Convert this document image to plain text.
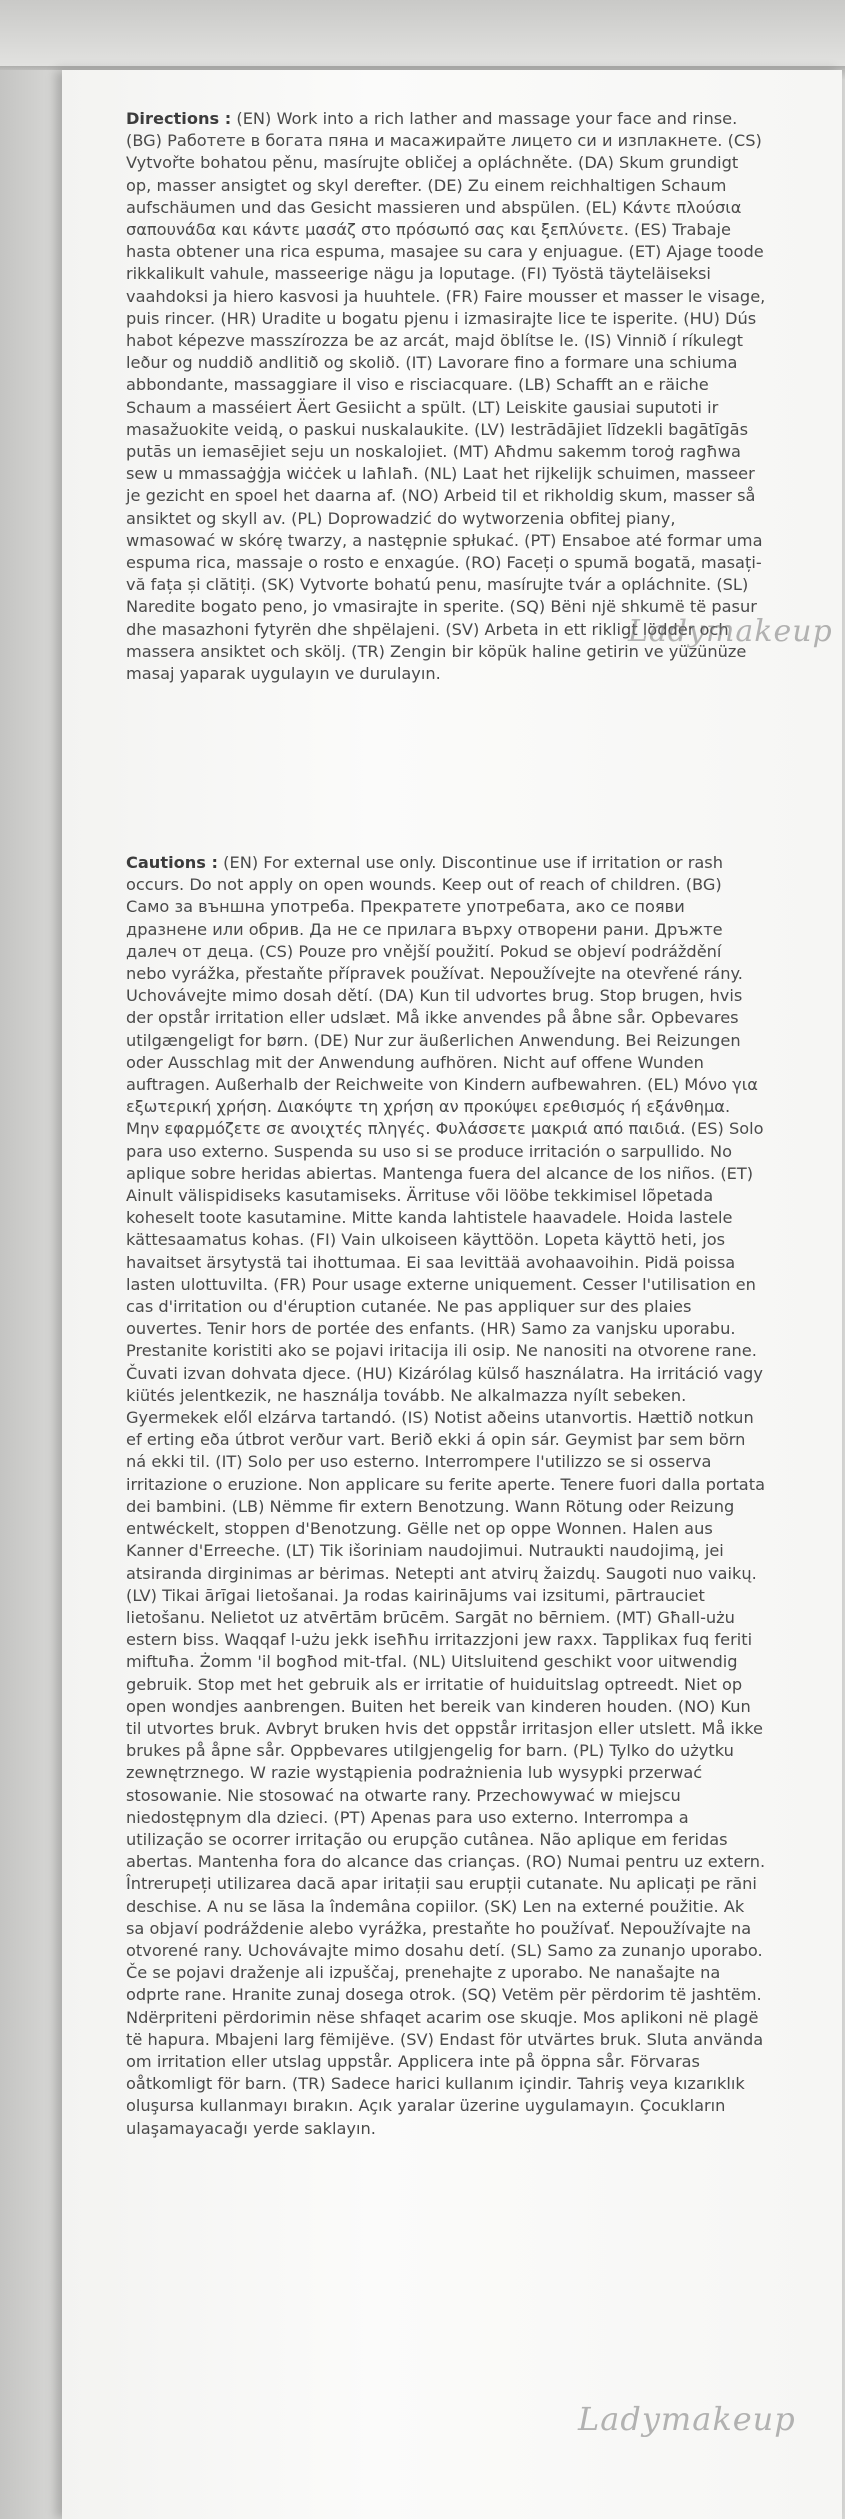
Directions : (EN) Work into a rich lather and massage your face and rinse. (BG) Работете в богата пяна и масажирайте лицето си и изплакнете. (CS) Vytvořte bohatou pěnu, masírujte obličej a opláchněte. (DA) Skum grundigt op, masser ansigtet og skyl derefter. (DE) Zu einem reichhaltigen Schaum aufschäumen und das Gesicht massieren und abspülen. (EL) Κάντε πλούσια σαπουνάδα και κάντε μασάζ στο πρόσωπό σας και ξεπλύνετε. (ES) Trabaje hasta obtener una rica espuma, masajee su cara y enjuague. (ET) Ajage toode rikkalikult vahule, masseerige nägu ja loputage. (FI) Työstä täyteläiseksi vaahdoksi ja hiero kasvosi ja huuhtele. (FR) Faire mousser et masser le visage, puis rincer. (HR) Uradite u bogatu pjenu i izmasirajte lice te isperite. (HU) Dús habot képezve masszírozza be az arcát, majd öblítse le. (IS) Vinnið í ríkulegt leður og nuddið andlitið og skolið. (IT) Lavorare fino a formare una schiuma abbondante, massaggiare il viso e risciacquare. (LB) Schafft an e räiche Schaum a masséiert Äert Gesiicht a spült. (LT) Leiskite gausiai suputoti ir masažuokite veidą, o paskui nuskalaukite. (LV) Iestrādājiet līdzekli bagātīgās putās un iemasējiet seju un noskalojiet. (MT) Aħdmu sakemm toroġ ragħwa sew u mmassaġġja wiċċek u laħlaħ. (NL) Laat het rijkelijk schuimen, masseer je gezicht en spoel het daarna af. (NO) Arbeid til et rikholdig skum, masser så ansiktet og skyll av. (PL) Doprowadzić do wytworzenia obfitej piany, wmasować w skórę twarzy, a następnie spłukać. (PT) Ensaboe até formar uma espuma rica, massaje o rosto e enxagúe. (RO) Faceți o spumă bogată, masați-vă fața și clătiți. (SK) Vytvorte bohatú penu, masírujte tvár a opláchnite. (SL) Naredite bogato peno, jo vmasirajte in sperite. (SQ) Bëni një shkumë të pasur dhe masazhoni fytyrën dhe shpëlajeni. (SV) Arbeta in ett rikligt lödder och massera ansiktet och skölj. (TR) Zengin bir köpük haline getirin ve yüzünüze masaj yaparak uygulayın ve durulayın.
Cautions : (EN) For external use only. Discontinue use if irritation or rash occurs. Do not apply on open wounds. Keep out of reach of children. (BG) Само за външна употреба. Прекратете употребата, ако се появи дразнене или обрив. Да не се прилага върху отворени рани. Дръжте далеч от деца. (CS) Pouze pro vnější použití. Pokud se objeví podráždění nebo vyrážka, přestaňte přípravek používat. Nepoužívejte na otevřené rány. Uchovávejte mimo dosah dětí. (DA) Kun til udvortes brug. Stop brugen, hvis der opstår irritation eller udslæt. Må ikke anvendes på åbne sår. Opbevares utilgængeligt for børn. (DE) Nur zur äußerlichen Anwendung. Bei Reizungen oder Ausschlag mit der Anwendung aufhören. Nicht auf offene Wunden auftragen. Außerhalb der Reichweite von Kindern aufbewahren. (EL) Μόνο για εξωτερική χρήση. Διακόψτε τη χρήση αν προκύψει ερεθισμός ή εξάνθημα. Μην εφαρμόζετε σε ανοιχτές πληγές. Φυλάσσετε μακριά από παιδιά. (ES) Solo para uso externo. Suspenda su uso si se produce irritación o sarpullido. No aplique sobre heridas abiertas. Mantenga fuera del alcance de los niños. (ET) Ainult välispidiseks kasutamiseks. Ärrituse või lööbe tekkimisel lõpetada koheselt toote kasutamine. Mitte kanda lahtistele haavadele. Hoida lastele kättesaamatus kohas. (FI) Vain ulkoiseen käyttöön. Lopeta käyttö heti, jos havaitset ärsytystä tai ihottumaa. Ei saa levittää avohaavoihin. Pidä poissa lasten ulottuvilta. (FR) Pour usage externe uniquement. Cesser l'utilisation en cas d'irritation ou d'éruption cutanée. Ne pas appliquer sur des plaies ouvertes. Tenir hors de portée des enfants. (HR) Samo za vanjsku uporabu. Prestanite koristiti ako se pojavi iritacija ili osip. Ne nanositi na otvorene rane. Čuvati izvan dohvata djece. (HU) Kizárólag külső használatra. Ha irritáció vagy kiütés jelentkezik, ne használja tovább. Ne alkalmazza nyílt sebeken. Gyermekek elől elzárva tartandó. (IS) Notist aðeins utanvortis. Hættið notkun ef erting eða útbrot verður vart. Berið ekki á opin sár. Geymist þar sem börn ná ekki til. (IT) Solo per uso esterno. Interrompere l'utilizzo se si osserva irritazione o eruzione. Non applicare su ferite aperte. Tenere fuori dalla portata dei bambini. (LB) Nëmme fir extern Benotzung. Wann Rötung oder Reizung entwéckelt, stoppen d'Benotzung. Gëlle net op oppe Wonnen. Halen aus Kanner d'Erreeche. (LT) Tik išoriniam naudojimui. Nutraukti naudojimą, jei atsiranda dirginimas ar bėrimas. Netepti ant atvirų žaizdų. Saugoti nuo vaikų. (LV) Tikai ārīgai lietošanai. Ja rodas kairinājums vai izsitumi, pārtrauciet lietošanu. Nelietot uz atvērtām brūcēm. Sargāt no bērniem. (MT) Għall-użu estern biss. Waqqaf l-użu jekk iseħħu irritazzjoni jew raxx. Tapplikax fuq feriti miftuħa. Żomm 'il bogħod mit-tfal. (NL) Uitsluitend geschikt voor uitwendig gebruik. Stop met het gebruik als er irritatie of huiduitslag optreedt. Niet op open wondjes aanbrengen. Buiten het bereik van kinderen houden. (NO) Kun til utvortes bruk. Avbryt bruken hvis det oppstår irritasjon eller utslett. Må ikke brukes på åpne sår. Oppbevares utilgjengelig for barn. (PL) Tylko do użytku zewnętrznego. W razie wystąpienia podrażnienia lub wysypki przerwać stosowanie. Nie stosować na otwarte rany. Przechowywać w miejscu niedostępnym dla dzieci. (PT) Apenas para uso externo. Interrompa a utilização se ocorrer irritação ou erupção cutânea. Não aplique em feridas abertas. Mantenha fora do alcance das crianças. (RO) Numai pentru uz extern. Întrerupeți utilizarea dacă apar iritații sau erupții cutanate. Nu aplicați pe răni deschise. A nu se lăsa la îndemâna copiilor. (SK) Len na externé použitie. Ak sa objaví podráždenie alebo vyrážka, prestaňte ho používať. Nepoužívajte na otvorené rany. Uchovávajte mimo dosahu detí. (SL) Samo za zunanjo uporabo. Če se pojavi draženje ali izpuščaj, prenehajte z uporabo. Ne nanašajte na odprte rane. Hranite zunaj dosega otrok. (SQ) Vetëm për përdorim të jashtëm. Ndërpriteni përdorimin nëse shfaqet acarim ose skuqje. Mos aplikoni në plagë të hapura. Mbajeni larg fëmijëve. (SV) Endast för utvärtes bruk. Sluta använda om irritation eller utslag uppstår. Applicera inte på öppna sår. Förvaras oåtkomligt för barn. (TR) Sadece harici kullanım içindir. Tahriş veya kızarıklık oluşursa kullanmayı bırakın. Açık yaralar üzerine uygulamayın. Çocukların ulaşamayacağı yerde saklayın.
Ladymakeup
Ladymakeup
